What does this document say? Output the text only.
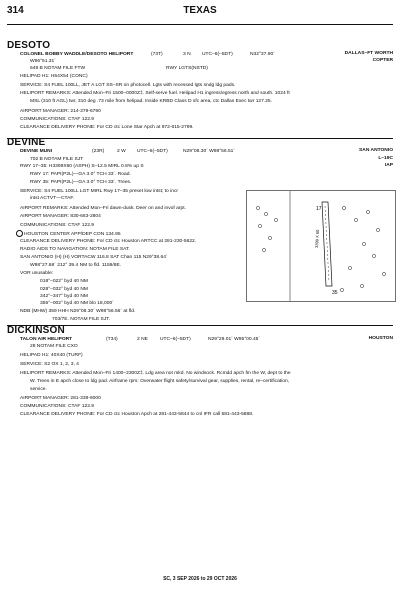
314	TEXAS
DESOTO
COLONEL BOBBY WADDLE/DESOTO HELIPORT	(73T)	3 N UTC–6(–5DT)	N32°37.90´	DALLAS–FT WORTH
W96°51.31´	COPTER
649 B NOTAM FILE FTW	RWY LGTS(NSTD)
HELIPAD H1: H54X54 (CONC)
SERVICE: S4 FUEL 100LL, JET A LGT SS–SR on photocell. Lgts with recessed lgts sndg ldg pads.
HELIPORT REMARKS: Attended Mon–Fri 1500–0000Z‡. Self-serve fuel. Helipad H1 ingress/egress north and south. 1024 ft
MSL (310 ft AGL) twr, 310 deg .73 mile from helipad. Inside KRBD Class D sfc area, ctc Dallas Exec twr 127.25.
AIRPORT MANAGER: 214-379-6790
COMMUNICATIONS: CTAF 122.9
CLEARANCE DELIVERY PHONE: For CD ctc Lone Star Apch at 972-615-2799.
DEVINE
DEVINE MUNI	(23R)	2 W UTC–6(–5DT)	N29°08.30´ W98°56.51´	SAN ANTONIO
702 B NOTAM FILE SJT	L–19C
IAP
RWY 17–35: H3399X60 (ASPH) S–12.5 MIRL 0.8% up S
RWY 17: PAPI(P2L)—GA 3.0° TCH 33´. Road.
RWY 35: PAPI(P2L)—GA 3.0° TCH 33´. Trees.
SERVICE: S4 FUEL 100LL LGT MIRL Rwy 17–35 preset low intst; to incr
intst ACTVT—CTAF.
AIRPORT REMARKS: Attended Mon–Fri dawn-dusk. Deer on and invof arpt.
AIRPORT MANAGER: 830-663-2804
COMMUNICATIONS: CTAF 122.9
HOUSTON CENTER APP/DEP CON 134.95
CLEARANCE DELIVERY PHONE: For CD ctc Houston ARTCC at 281-230-5622.
RADIO AIDS TO NAVIGATION: NOTAM FILE SAT.
SAN ANTONIO (H) (H) VORTACW 116.8 SAT Chan 115 N29°38.64´
W98°27.68´ 212° 39.4 NM to fld. 1159/8E.
VOR unusable:
018°–022° byd 40 NM
028°–032° byd 40 NM
342°–347° byd 40 NM
355°–002° byd 40 NM blo 18,000´
NDB (MHW) 359 HHH N29°08.30´ W98°56.56´ at fld.
703/7E. NOTAM FILE SJT.
17
35
3399 X 60
DICKINSON
TALON AIR HELIPORT	(T34)	2 NE UTC–6(–5DT)	N29°29.01´ W95°00.45´	HOUSTON
28 NOTAM FILE CXO
HELIPAD H1: 40X40 (TURF)
SERVICE: S2 OX 1, 2, 3, 4
HELIPORT REMARKS: Attended Mon–Fri 1400–2300Z‡. Ldg area not mkd. No windsock. Rcmdd apch fm the W, dept to the
W. Trees in E apch close to ldg pad. Airframe rprs: Overwater flight safety/survival gear, supplies, rental, re–certification,
service.
AIRPORT MANAGER: 281-339-6000
COMMUNICATIONS: CTAF 122.9
CLEARANCE DELIVERY PHONE: For CD ctc Houston Apch at 281-443-5844 to cnl IFR call 581-443-5888.
SC, 3 SEP 2026 to 29 OCT 2026
